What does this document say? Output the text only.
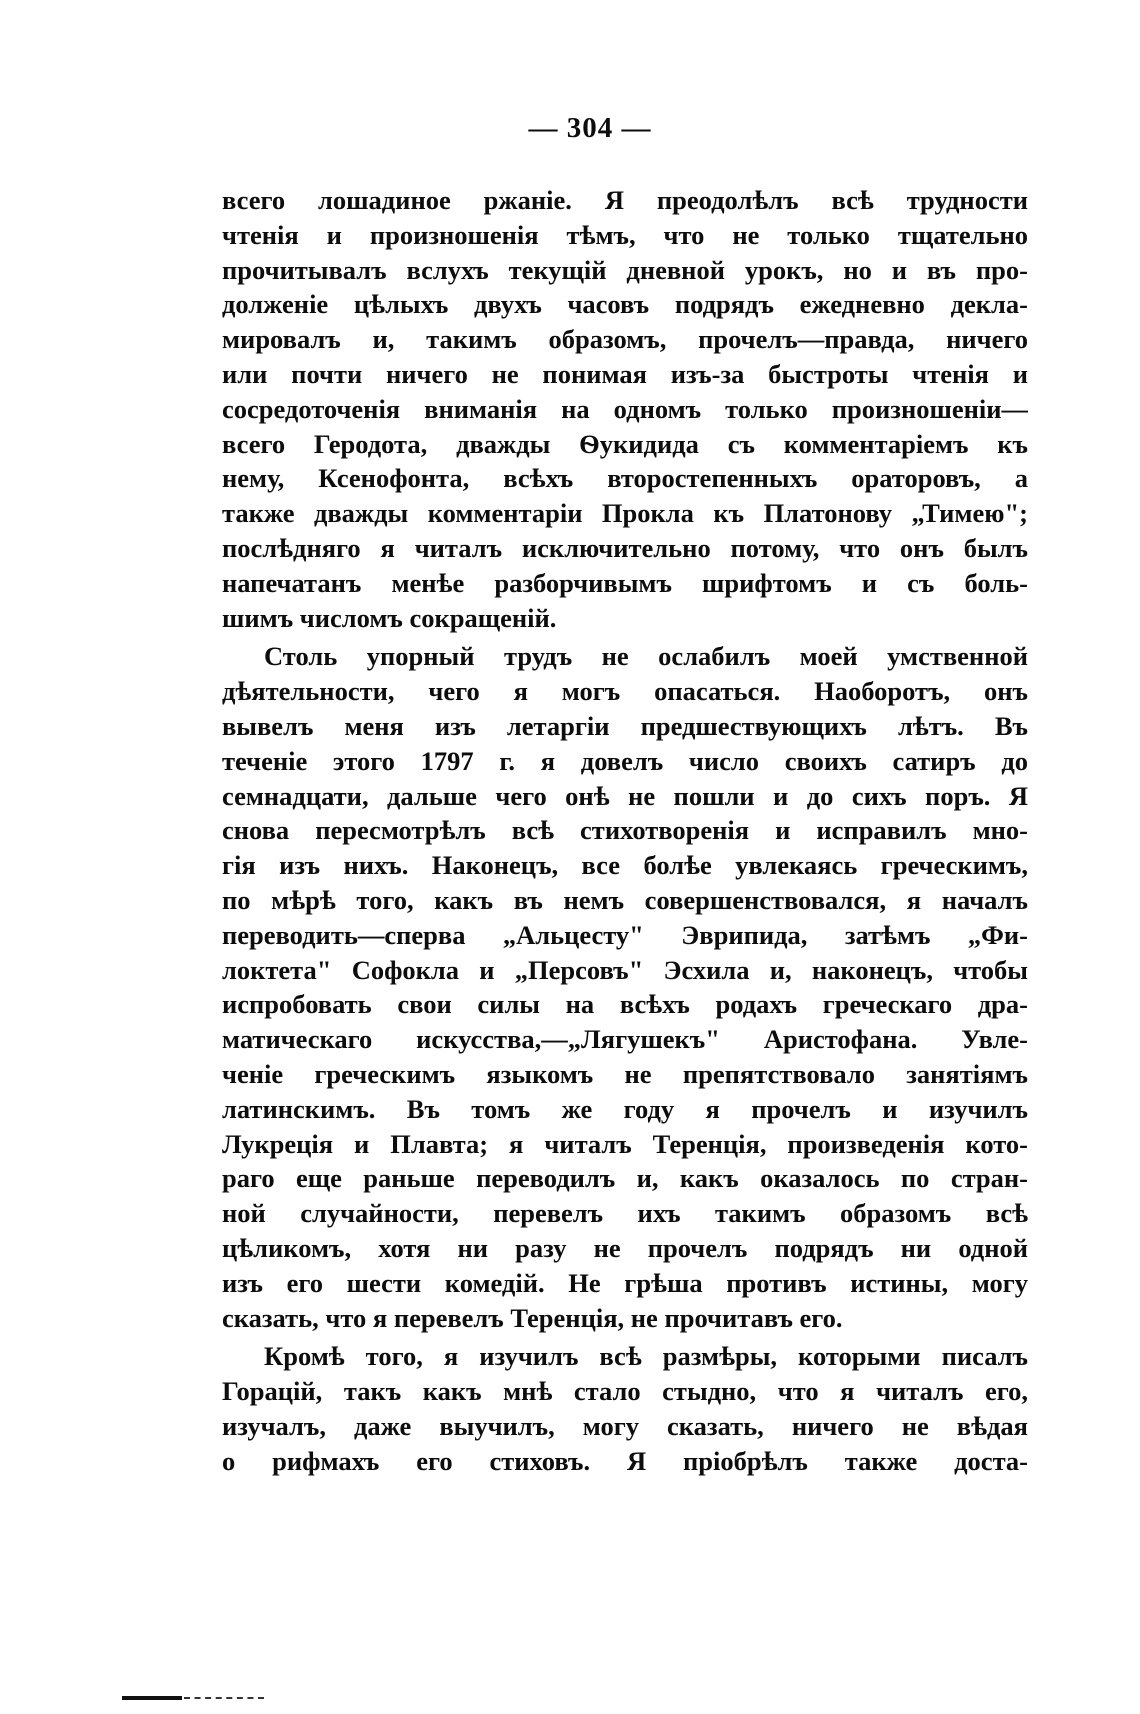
— 304 —
всего лошадиное ржаніе. Я преодолѣлъ всѣ трудности
чтенія и произношенія тѣмъ, что не только тщательно
прочитывалъ вслухъ текущій дневной урокъ, но и въ про-
долженіе цѣлыхъ двухъ часовъ подрядъ ежедневно декла-
мировалъ и, такимъ образомъ, прочелъ—правда, ничего
или почти ничего не понимая изъ-за быстроты чтенія и
сосредоточенія вниманія на одномъ только произношеніи—
всего Геродота, дважды Ѳукидида съ комментаріемъ къ
нему, Ксенофонта, всѣхъ второстепенныхъ ораторовъ, а
также дважды комментаріи Прокла къ Платонову „Тимею";
послѣдняго я читалъ исключительно потому, что онъ былъ
напечатанъ менѣе разборчивымъ шрифтомъ и съ боль-
шимъ числомъ сокращеній.
Столь упорный трудъ не ослабилъ моей умственной
дѣятельности, чего я могъ опасаться. Наоборотъ, онъ
вывелъ меня изъ летаргіи предшествующихъ лѣтъ. Въ
теченіе этого 1797 г. я довелъ число своихъ сатиръ до
семнадцати, дальше чего онѣ не пошли и до сихъ поръ. Я
снова пересмотрѣлъ всѣ стихотворенія и исправилъ мно-
гія изъ нихъ. Наконецъ, все болѣе увлекаясь греческимъ,
по мѣрѣ того, какъ въ немъ совершенствовался, я началъ
переводить—сперва „Альцесту" Эврипида, затѣмъ „Фи-
локтета" Софокла и „Персовъ" Эсхила и, наконецъ, чтобы
испробовать свои силы на всѣхъ родахъ греческаго дра-
матическаго искусства,—„Лягушекъ" Аристофана. Увле-
ченіе греческимъ языкомъ не препятствовало занятіямъ
латинскимъ. Въ томъ же году я прочелъ и изучилъ
Лукреція и Плавта; я читалъ Теренція, произведенія кото-
раго еще раньше переводилъ и, какъ оказалось по стран-
ной случайности, перевелъ ихъ такимъ образомъ всѣ
цѣликомъ, хотя ни разу не прочелъ подрядъ ни одной
изъ его шести комедій. Не грѣша противъ истины, могу
сказать, что я перевелъ Теренція, не прочитавъ его.
Кромѣ того, я изучилъ всѣ размѣры, которыми писалъ
Горацій, такъ какъ мнѣ стало стыдно, что я читалъ его,
изучалъ, даже выучилъ, могу сказать, ничего не вѣдая
о рифмахъ его стиховъ. Я пріобрѣлъ также доста-
